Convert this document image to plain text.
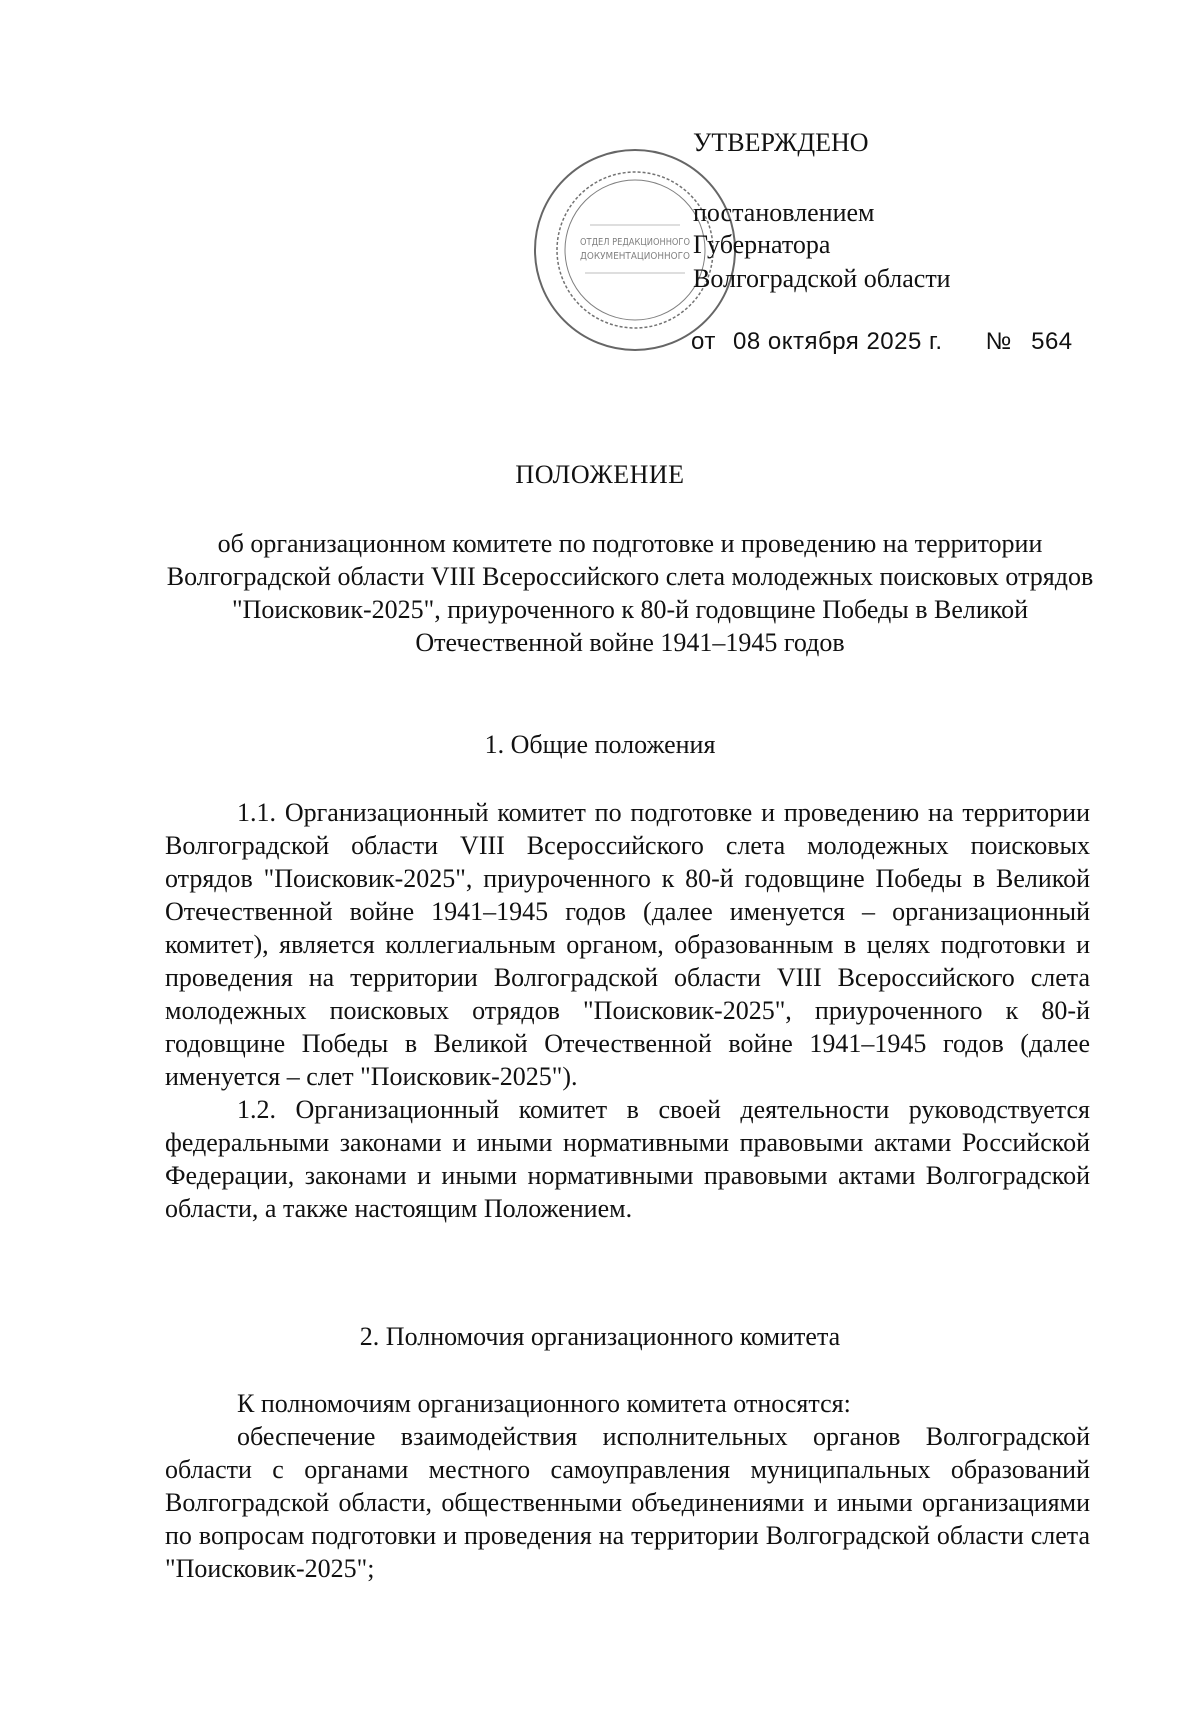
ОТДЕЛ РЕДАКЦИОННОГО
ДОКУМЕНТАЦИОННОГО
УТВЕРЖДЕНО
постановлением
Губернатора
Волгоградской области
от 08 октября 2025 г. № 564
ПОЛОЖЕНИЕ
об организационном комитете по подготовке и проведению на территории Волгоградской области VIII Всероссийского слета молодежных поисковых отрядов "Поисковик-2025", приуроченного к 80-й годовщине Победы в Великой Отечественной войне 1941–1945 годов
1. Общие положения

1.1. Организационный комитет по подготовке и проведению на территории Волгоградской области VIII Всероссийского слета молодежных поисковых отрядов "Поисковик-2025", приуроченного к 80-й годовщине Победы в Великой Отечественной войне 1941–1945 годов (далее именуется – организационный комитет), является коллегиальным органом, образованным в целях подготовки и проведения на территории Волгоградской области VIII Всероссийского слета молодежных поисковых отрядов "Поисковик-2025", приуроченного к 80-й годовщине Победы в Великой Отечественной войне 1941–1945 годов (далее именуется – слет "Поисковик-2025").

1.2. Организационный комитет в своей деятельности руководствуется федеральными законами и иными нормативными правовыми актами Российской Федерации, законами и иными нормативными правовыми актами Волгоградской области, а также настоящим Положением.

2. Полномочия организационного комитета

К полномочиям организационного комитета относятся:

обеспечение взаимодействия исполнительных органов Волгоградской области с органами местного самоуправления муниципальных образований Волгоградской области, общественными объединениями и иными организациями по вопросам подготовки и проведения на территории Волгоградской области слета "Поисковик-2025";
